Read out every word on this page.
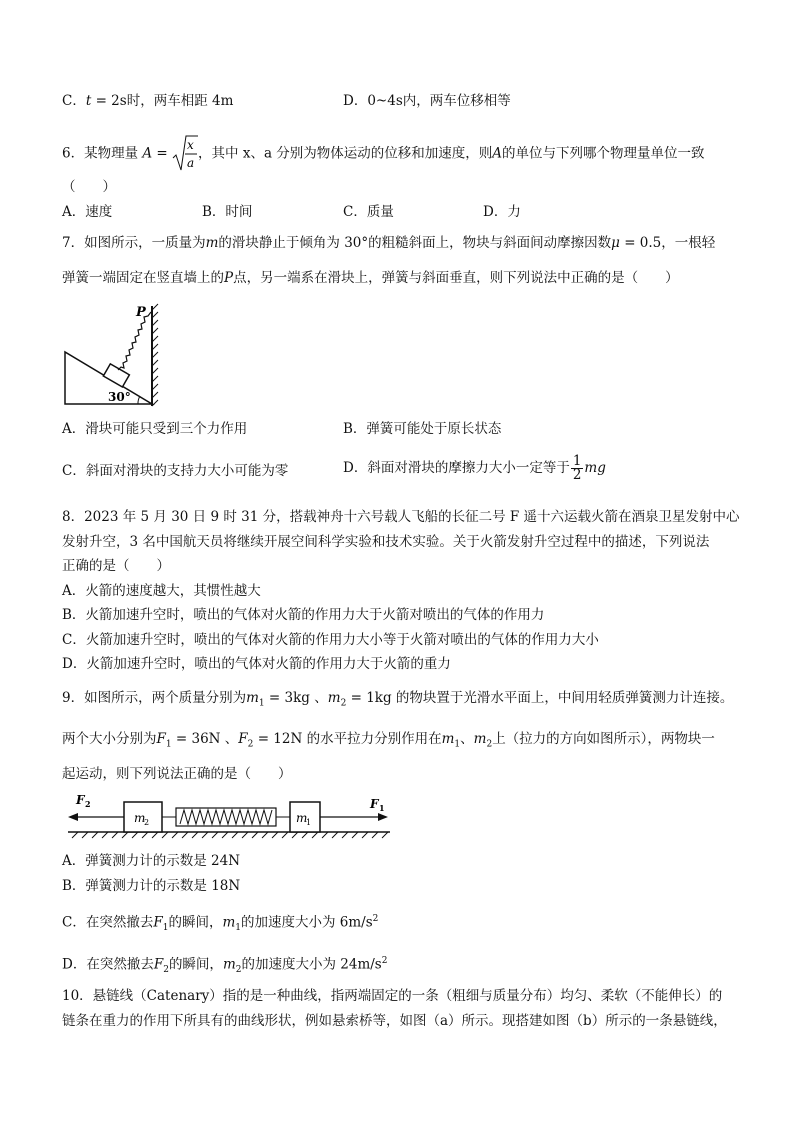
C．t = 2s时，两车相距 4m	D．0~4s内，两车位移相等
6．某物理量 A =
x
a
，其中 x、a 分别为物体运动的位移和加速度，则A的单位与下列哪个物理量单位一致
（　　）
A．速度	B．时间	C．质量	D．力
7．如图所示，一质量为m的滑块静止于倾角为 30°的粗糙斜面上，物块与斜面间动摩擦因数μ = 0.5，一根轻
弹簧一端固定在竖直墙上的P点，另一端系在滑块上，弹簧与斜面垂直，则下列说法中正确的是（　　）
P
30°
A．滑块可能只受到三个力作用	B．弹簧可能处于原长状态
C．斜面对滑块的支持力大小可能为零	D．斜面对滑块的摩擦力大小一定等于 $\frac{1}{2}$ mg
8．2023 年 5 月 30 日 9 时 31 分，搭载神舟十六号载人飞船的长征二号 F 遥十六运载火箭在酒泉卫星发射中心
发射升空，3 名中国航天员将继续开展空间科学实验和技术实验。关于火箭发射升空过程中的描述，下列说法
正确的是（　　）
A．火箭的速度越大，其惯性越大
B．火箭加速升空时，喷出的气体对火箭的作用力大于火箭对喷出的气体的作用力
C．火箭加速升空时，喷出的气体对火箭的作用力大小等于火箭对喷出的气体的作用力大小
D．火箭加速升空时，喷出的气体对火箭的作用力大于火箭的重力
9．如图所示，两个质量分别为$m_1 = 3kg$ 、$m_2 = 1kg$ 的物块置于光滑水平面上，中间用轻质弹簧测力计连接。
两个大小分别为$F_1 = 36N$ 、$F_2 = 12N$ 的水平拉力分别作用在$m_1$、$m_2$上（拉力的方向如图所示），两物块一
起运动，则下列说法正确的是（　　）
m
2	m
1
F 2	F 1
A．弹簧测力计的示数是 24N
B．弹簧测力计的示数是 18N
C．在突然撤去$F_1$的瞬间，$m_1$的加速度大小为 $6m/s^2$
D．在突然撤去$F_2$的瞬间，$m_2$的加速度大小为 $24m/s^2$
10．悬链线（Catenary）指的是一种曲线，指两端固定的一条（粗细与质量分布）均匀、柔软（不能伸长）的
链条在重力的作用下所具有的曲线形状，例如悬索桥等，如图（a）所示。现搭建如图（b）所示的一条悬链线，
